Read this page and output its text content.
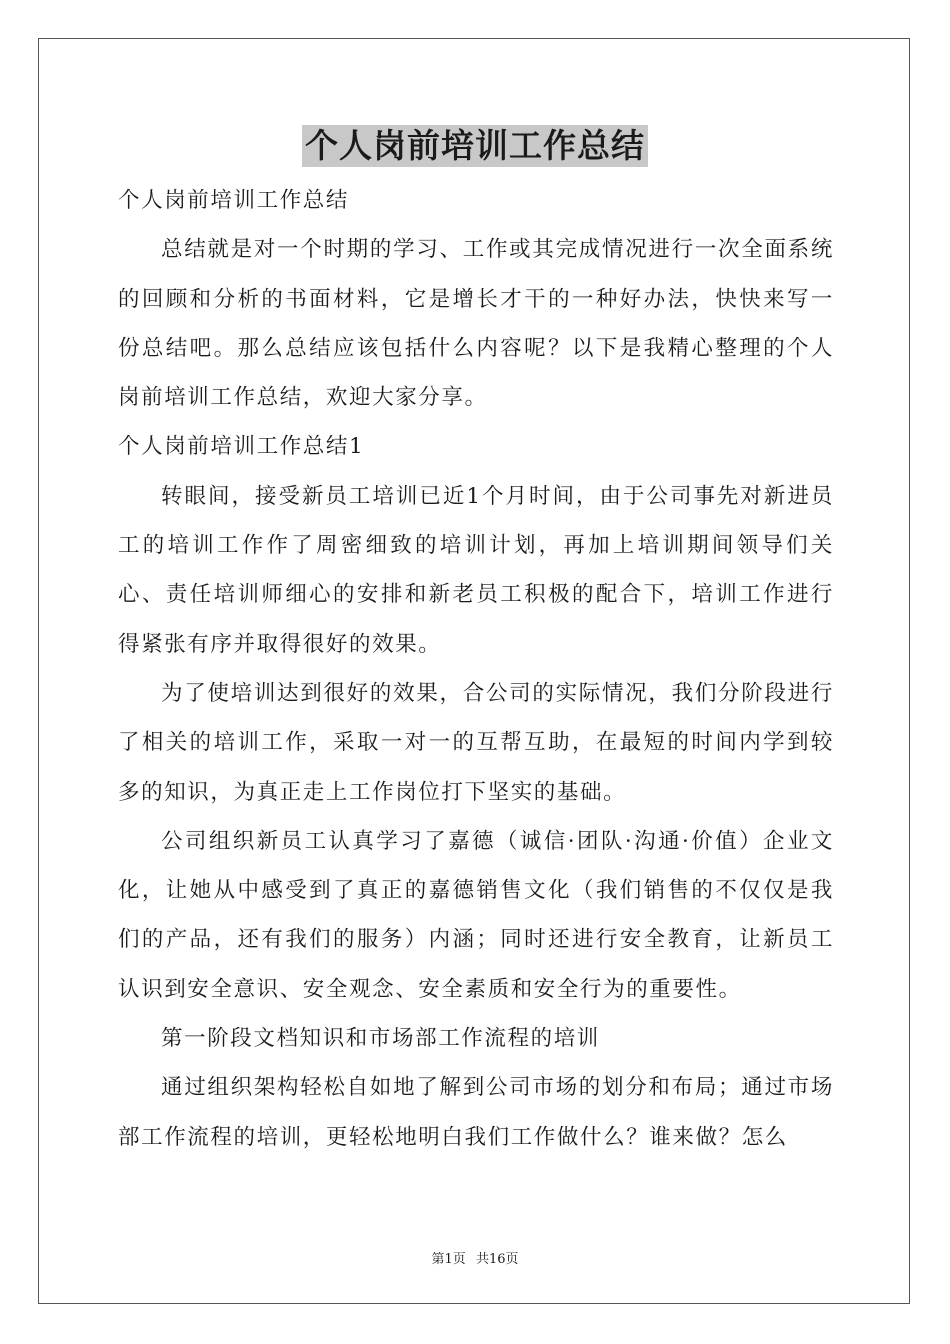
个人岗前培训工作总结

个人岗前培训工作总结

总结就是对一个时期的学习、工作或其完成情况进行一次全面系统的回顾和分析的书面材料，它是增长才干的一种好办法，快快来写一份总结吧。那么总结应该包括什么内容呢？以下是我精心整理的个人岗前培训工作总结，欢迎大家分享。

个人岗前培训工作总结1

转眼间，接受新员工培训已近1个月时间，由于公司事先对新进员工的培训工作作了周密细致的培训计划，再加上培训期间领导们关心、责任培训师细心的安排和新老员工积极的配合下，培训工作进行得紧张有序并取得很好的效果。

为了使培训达到很好的效果，合公司的实际情况，我们分阶段进行了相关的培训工作，采取一对一的互帮互助，在最短的时间内学到较多的知识，为真正走上工作岗位打下坚实的基础。

公司组织新员工认真学习了嘉德（诚信·团队·沟通·价值）企业文化，让她从中感受到了真正的嘉德销售文化（我们销售的不仅仅是我们的产品，还有我们的服务）内涵；同时还进行安全教育，让新员工认识到安全意识、安全观念、安全素质和安全行为的重要性。

第一阶段文档知识和市场部工作流程的培训

通过组织架构轻松自如地了解到公司市场的划分和布局；通过市场部工作流程的培训，更轻松地明白我们工作做什么？谁来做？怎么

第1页 共16页
